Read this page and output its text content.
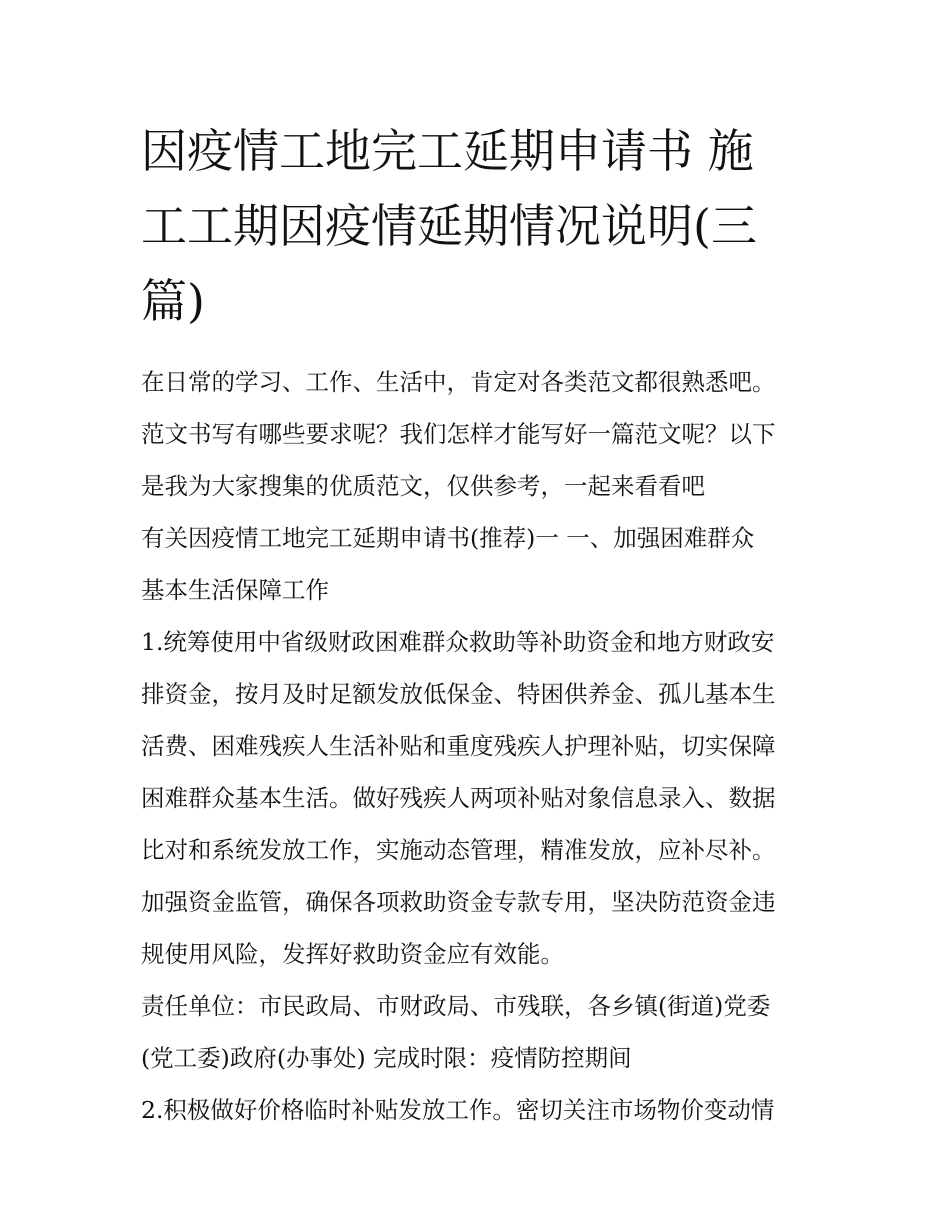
因疫情工地完工延期申请书 施
工工期因疫情延期情况说明(三
篇)
在日常的学习、工作、生活中，肯定对各类范文都很熟悉吧。
范文书写有哪些要求呢？我们怎样才能写好一篇范文呢？以下
是我为大家搜集的优质范文，仅供参考，一起来看看吧
有关因疫情工地完工延期申请书(推荐)一 一、加强困难群众
基本生活保障工作
1.统筹使用中省级财政困难群众救助等补助资金和地方财政安
排资金，按月及时足额发放低保金、特困供养金、孤儿基本生
活费、困难残疾人生活补贴和重度残疾人护理补贴，切实保障
困难群众基本生活。做好残疾人两项补贴对象信息录入、数据
比对和系统发放工作，实施动态管理，精准发放，应补尽补。
加强资金监管，确保各项救助资金专款专用，坚决防范资金违
规使用风险，发挥好救助资金应有效能。
责任单位：市民政局、市财政局、市残联，各乡镇(街道)党委
(党工委)政府(办事处) 完成时限：疫情防控期间
2.积极做好价格临时补贴发放工作。密切关注市场物价变动情
